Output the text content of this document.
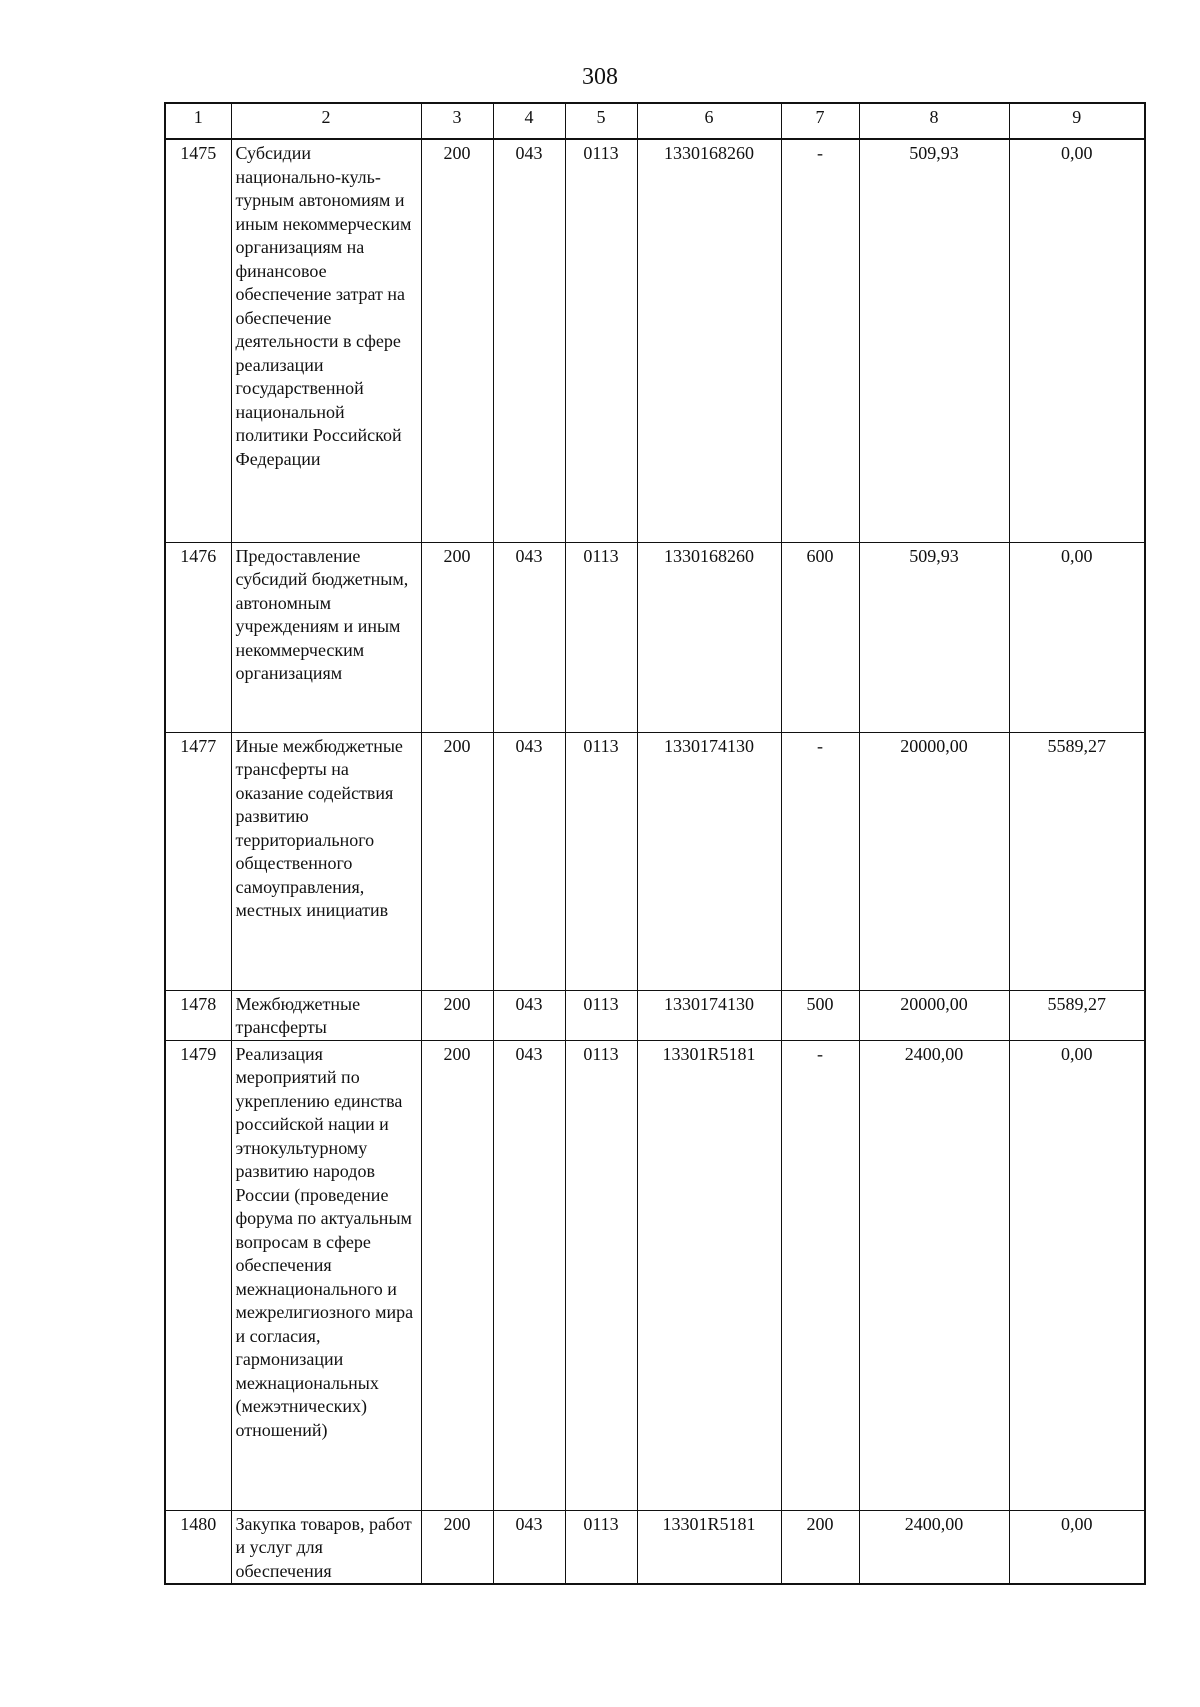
308
1	2	3	4	5	6	7	8	9
1475	Субсидии национально-куль-турным автономиям и иным некоммерческим организациям на финансовое обеспечение затрат на обеспечение деятельности в сфере реализации государственной национальной политики Российской Федерации	200	043	0113	1330168260	-	509,93	0,00
1476	Предоставление субсидий бюджетным, автономным учреждениям и иным некоммерческим организациям	200	043	0113	1330168260	600	509,93	0,00
1477	Иные межбюджетные трансферты на оказание содействия развитию территориального общественного самоуправления, местных инициатив	200	043	0113	1330174130	-	20000,00	5589,27
1478	Межбюджетные трансферты	200	043	0113	1330174130	500	20000,00	5589,27
1479	Реализация мероприятий по укреплению единства российской нации и этнокультурному развитию народов России (проведение форума по актуальным вопросам в сфере обеспечения межнационального и межрелигиозного мира и согласия, гармонизации межнациональных (межэтнических) отношений)	200	043	0113	13301R5181	-	2400,00	0,00
1480	Закупка товаров, работ и услуг для обеспечения	200	043	0113	13301R5181	200	2400,00	0,00
